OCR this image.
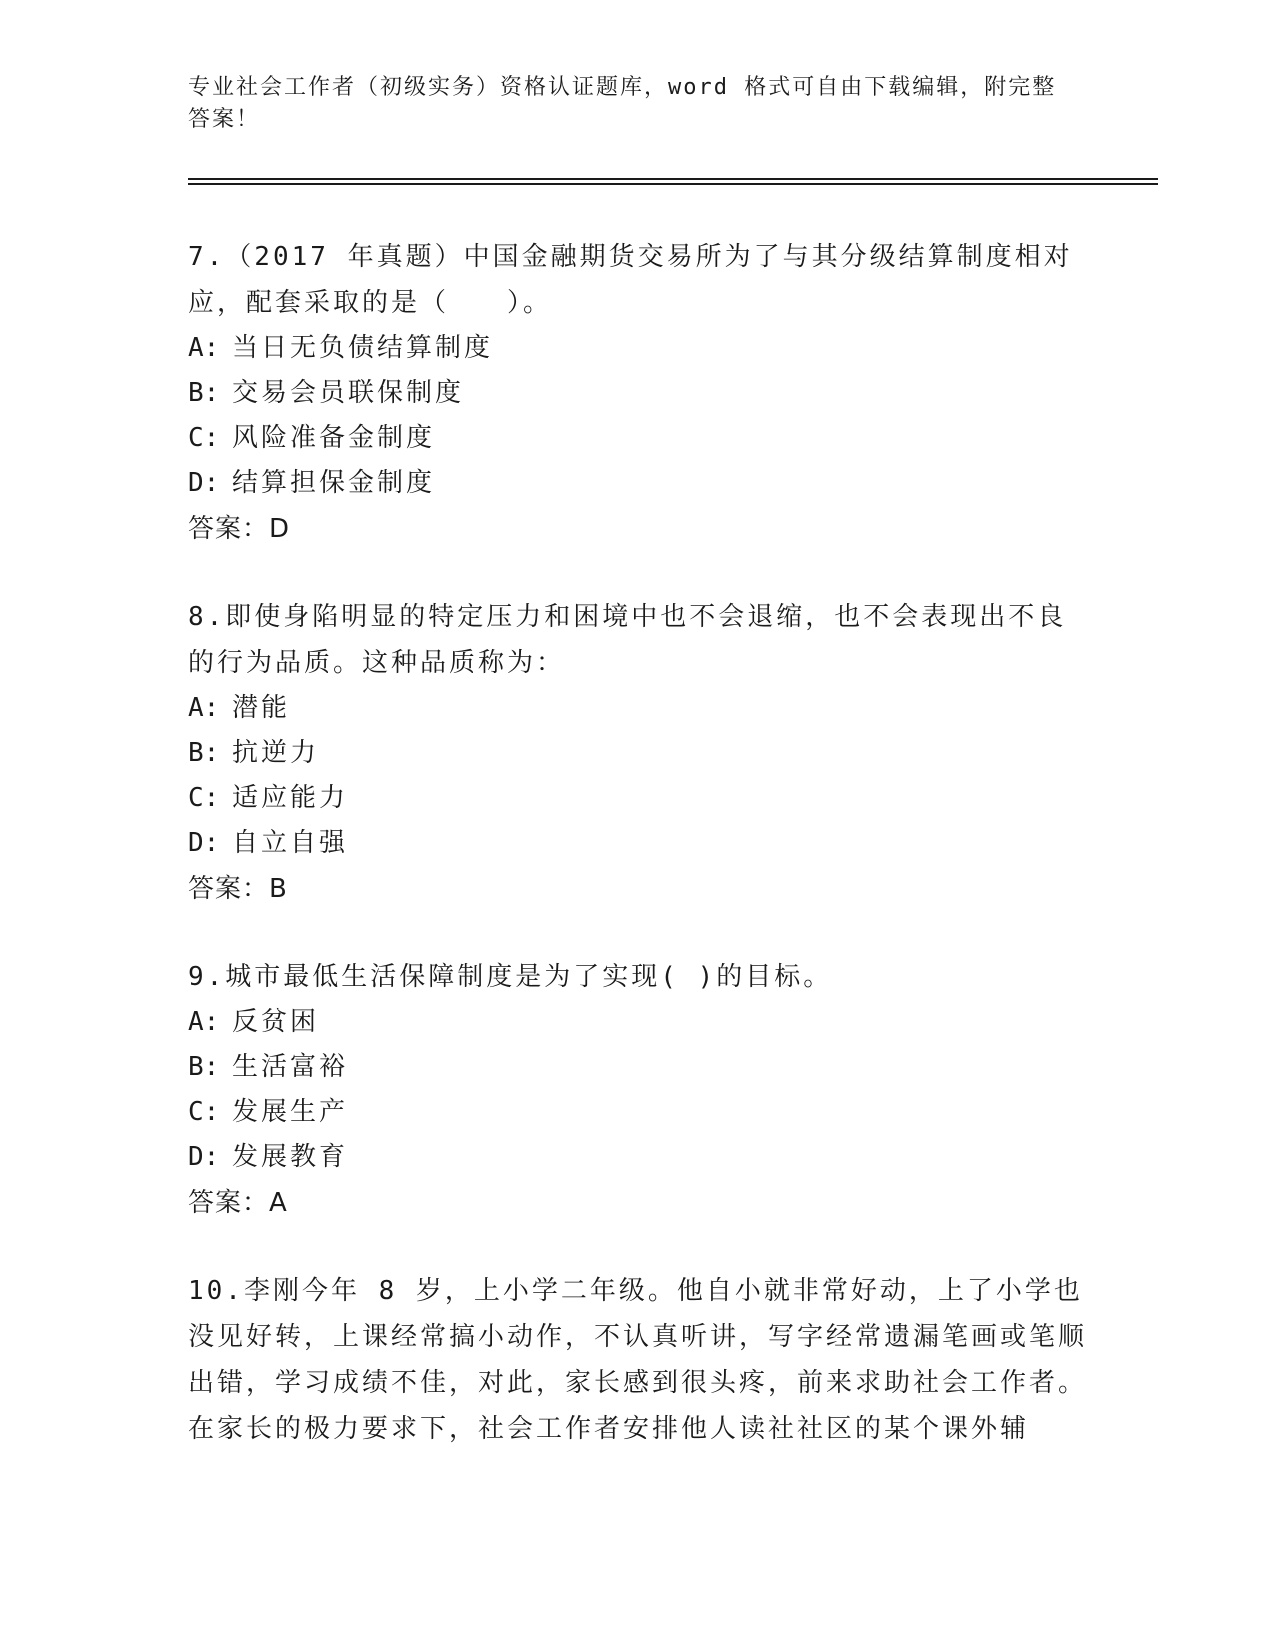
专业社会工作者（初级实务）资格认证题库，word 格式可自由下载编辑，附完整答案！

7.（2017 年真题）中国金融期货交易所为了与其分级结算制度相对应，配套采取的是（　　）。

A: 当日无负债结算制度

B: 交易会员联保制度

C: 风险准备金制度

D: 结算担保金制度

答案：D

8.即使身陷明显的特定压力和困境中也不会退缩，也不会表现出不良的行为品质。这种品质称为：

A: 潜能

B: 抗逆力

C: 适应能力

D: 自立自强

答案：B

9.城市最低生活保障制度是为了实现( )的目标。

A: 反贫困

B: 生活富裕

C: 发展生产

D: 发展教育

答案：A

10.李刚今年 8 岁，上小学二年级。他自小就非常好动，上了小学也没见好转，上课经常搞小动作，不认真听讲，写字经常遗漏笔画或笔顺出错，学习成绩不佳，对此，家长感到很头疼，前来求助社会工作者。在家长的极力要求下，社会工作者安排他人读社社区的某个课外辅
